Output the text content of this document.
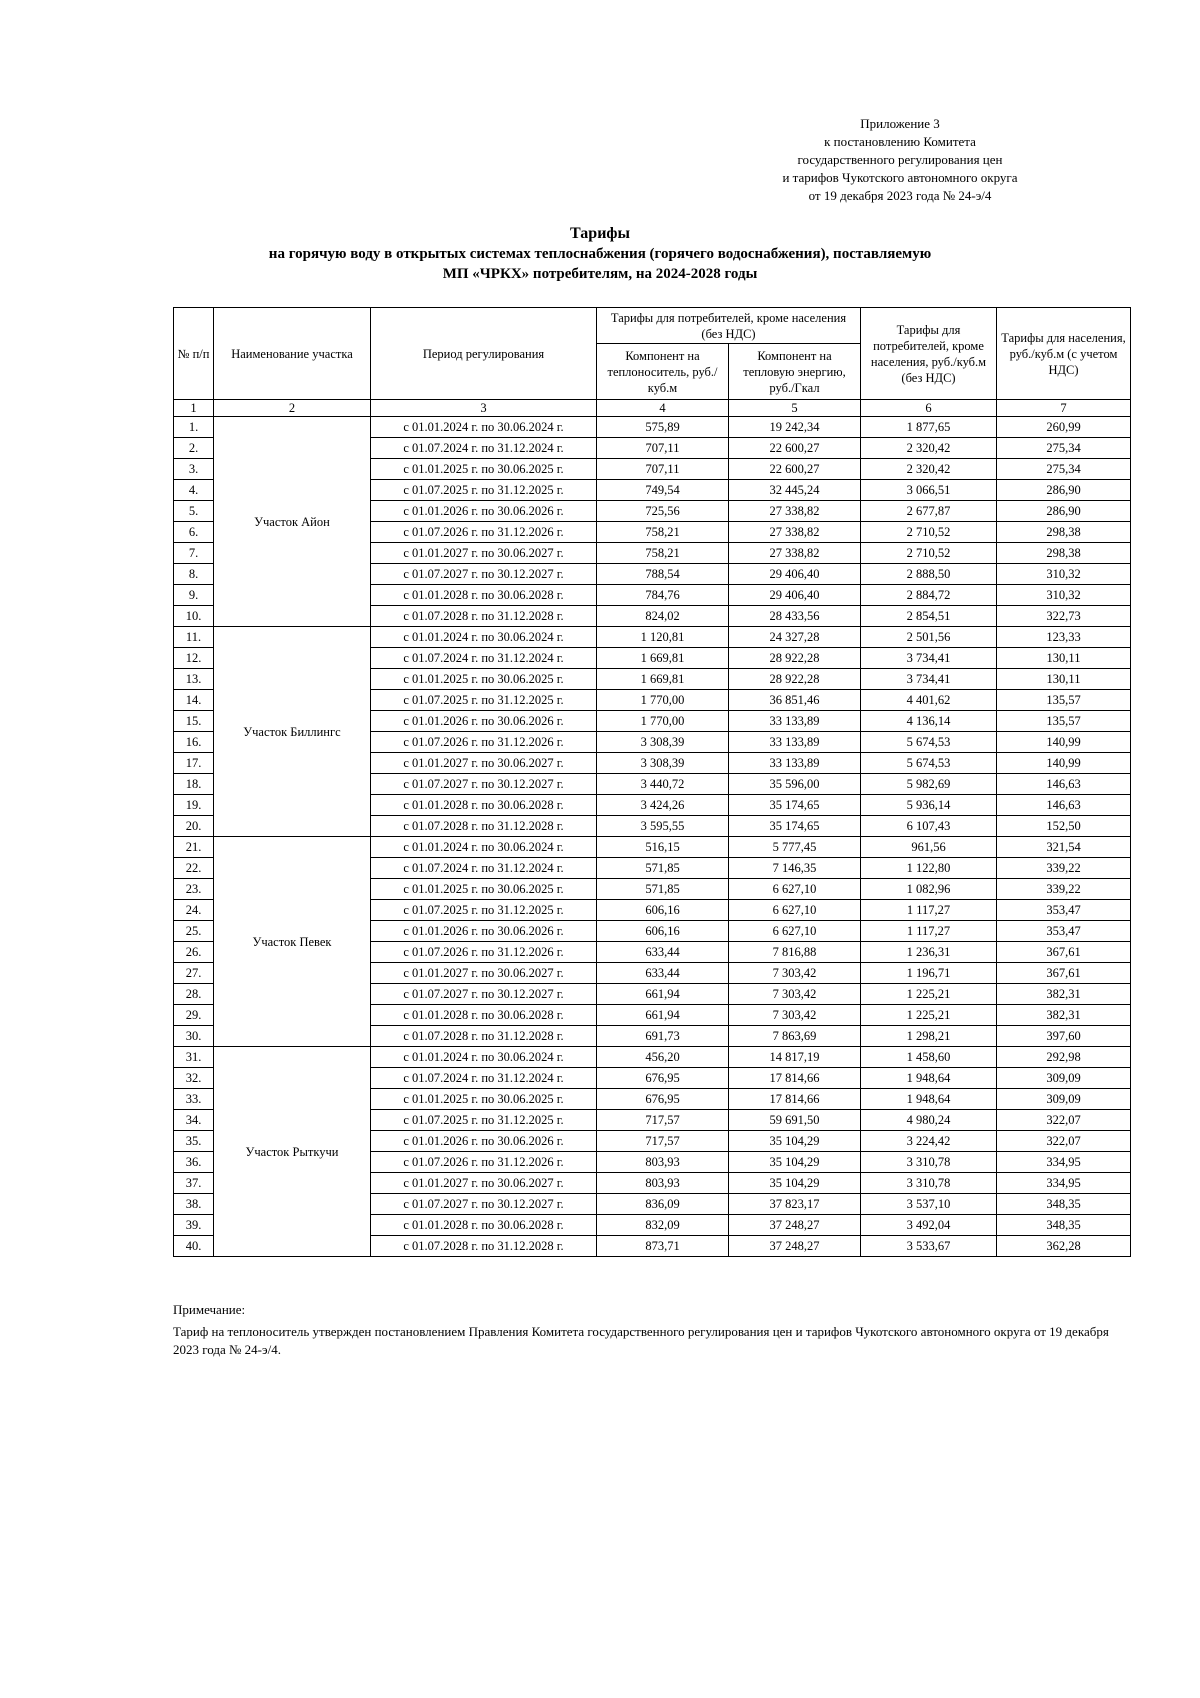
Приложение 3
к постановлению Комитета
государственного регулирования цен
и тарифов Чукотского автономного округа
от 19 декабря 2023 года № 24-э/4
Тарифы
на горячую воду в открытых системах теплоснабжения (горячего водоснабжения), поставляемую
МП «ЧРКХ» потребителям, на 2024-2028 годы
№ п/п	Наименование участка	Период регулирования	Тарифы для потребителей, кроме населения (без НДС)		Тарифы для потребителей, кроме населения, руб./куб.м (без НДС)	Тарифы для населения, руб./куб.м (с учетом НДС)
			Компонент на теплоноситель, руб./куб.м	Компонент на тепловую энергию, руб./Гкал		
1	2	3	4	5	6	7
1.	Участок Айон	с 01.01.2024 г. по 30.06.2024 г.	575,89	19 242,34	1 877,65	260,99
2.		с 01.07.2024 г. по 31.12.2024 г.	707,11	22 600,27	2 320,42	275,34
3.		с 01.01.2025 г. по 30.06.2025 г.	707,11	22 600,27	2 320,42	275,34
4.		с 01.07.2025 г. по 31.12.2025 г.	749,54	32 445,24	3 066,51	286,90
5.		с 01.01.2026 г. по 30.06.2026 г.	725,56	27 338,82	2 677,87	286,90
6.		с 01.07.2026 г. по 31.12.2026 г.	758,21	27 338,82	2 710,52	298,38
7.		с 01.01.2027 г. по 30.06.2027 г.	758,21	27 338,82	2 710,52	298,38
8.		с 01.07.2027 г. по 30.12.2027 г.	788,54	29 406,40	2 888,50	310,32
9.		с 01.01.2028 г. по 30.06.2028 г.	784,76	29 406,40	2 884,72	310,32
10.		с 01.07.2028 г. по 31.12.2028 г.	824,02	28 433,56	2 854,51	322,73
11.	Участок Биллингс	с 01.01.2024 г. по 30.06.2024 г.	1 120,81	24 327,28	2 501,56	123,33
12.		с 01.07.2024 г. по 31.12.2024 г.	1 669,81	28 922,28	3 734,41	130,11
13.		с 01.01.2025 г. по 30.06.2025 г.	1 669,81	28 922,28	3 734,41	130,11
14.		с 01.07.2025 г. по 31.12.2025 г.	1 770,00	36 851,46	4 401,62	135,57
15.		с 01.01.2026 г. по 30.06.2026 г.	1 770,00	33 133,89	4 136,14	135,57
16.		с 01.07.2026 г. по 31.12.2026 г.	3 308,39	33 133,89	5 674,53	140,99
17.		с 01.01.2027 г. по 30.06.2027 г.	3 308,39	33 133,89	5 674,53	140,99
18.		с 01.07.2027 г. по 30.12.2027 г.	3 440,72	35 596,00	5 982,69	146,63
19.		с 01.01.2028 г. по 30.06.2028 г.	3 424,26	35 174,65	5 936,14	146,63
20.		с 01.07.2028 г. по 31.12.2028 г.	3 595,55	35 174,65	6 107,43	152,50
21.	Участок Певек	с 01.01.2024 г. по 30.06.2024 г.	516,15	5 777,45	961,56	321,54
22.		с 01.07.2024 г. по 31.12.2024 г.	571,85	7 146,35	1 122,80	339,22
23.		с 01.01.2025 г. по 30.06.2025 г.	571,85	6 627,10	1 082,96	339,22
24.		с 01.07.2025 г. по 31.12.2025 г.	606,16	6 627,10	1 117,27	353,47
25.		с 01.01.2026 г. по 30.06.2026 г.	606,16	6 627,10	1 117,27	353,47
26.		с 01.07.2026 г. по 31.12.2026 г.	633,44	7 816,88	1 236,31	367,61
27.		с 01.01.2027 г. по 30.06.2027 г.	633,44	7 303,42	1 196,71	367,61
28.		с 01.07.2027 г. по 30.12.2027 г.	661,94	7 303,42	1 225,21	382,31
29.		с 01.01.2028 г. по 30.06.2028 г.	661,94	7 303,42	1 225,21	382,31
30.		с 01.07.2028 г. по 31.12.2028 г.	691,73	7 863,69	1 298,21	397,60
31.	Участок Рыткучи	с 01.01.2024 г. по 30.06.2024 г.	456,20	14 817,19	1 458,60	292,98
32.		с 01.07.2024 г. по 31.12.2024 г.	676,95	17 814,66	1 948,64	309,09
33.		с 01.01.2025 г. по 30.06.2025 г.	676,95	17 814,66	1 948,64	309,09
34.		с 01.07.2025 г. по 31.12.2025 г.	717,57	59 691,50	4 980,24	322,07
35.		с 01.01.2026 г. по 30.06.2026 г.	717,57	35 104,29	3 224,42	322,07
36.		с 01.07.2026 г. по 31.12.2026 г.	803,93	35 104,29	3 310,78	334,95
37.		с 01.01.2027 г. по 30.06.2027 г.	803,93	35 104,29	3 310,78	334,95
38.		с 01.07.2027 г. по 30.12.2027 г.	836,09	37 823,17	3 537,10	348,35
39.		с 01.01.2028 г. по 30.06.2028 г.	832,09	37 248,27	3 492,04	348,35
40.		с 01.07.2028 г. по 31.12.2028 г.	873,71	37 248,27	3 533,67	362,28
Примечание:
Тариф на теплоноситель утвержден постановлением Правления Комитета государственного регулирования цен и тарифов Чукотского автономного округа от 19 декабря 2023 года № 24-э/4.
